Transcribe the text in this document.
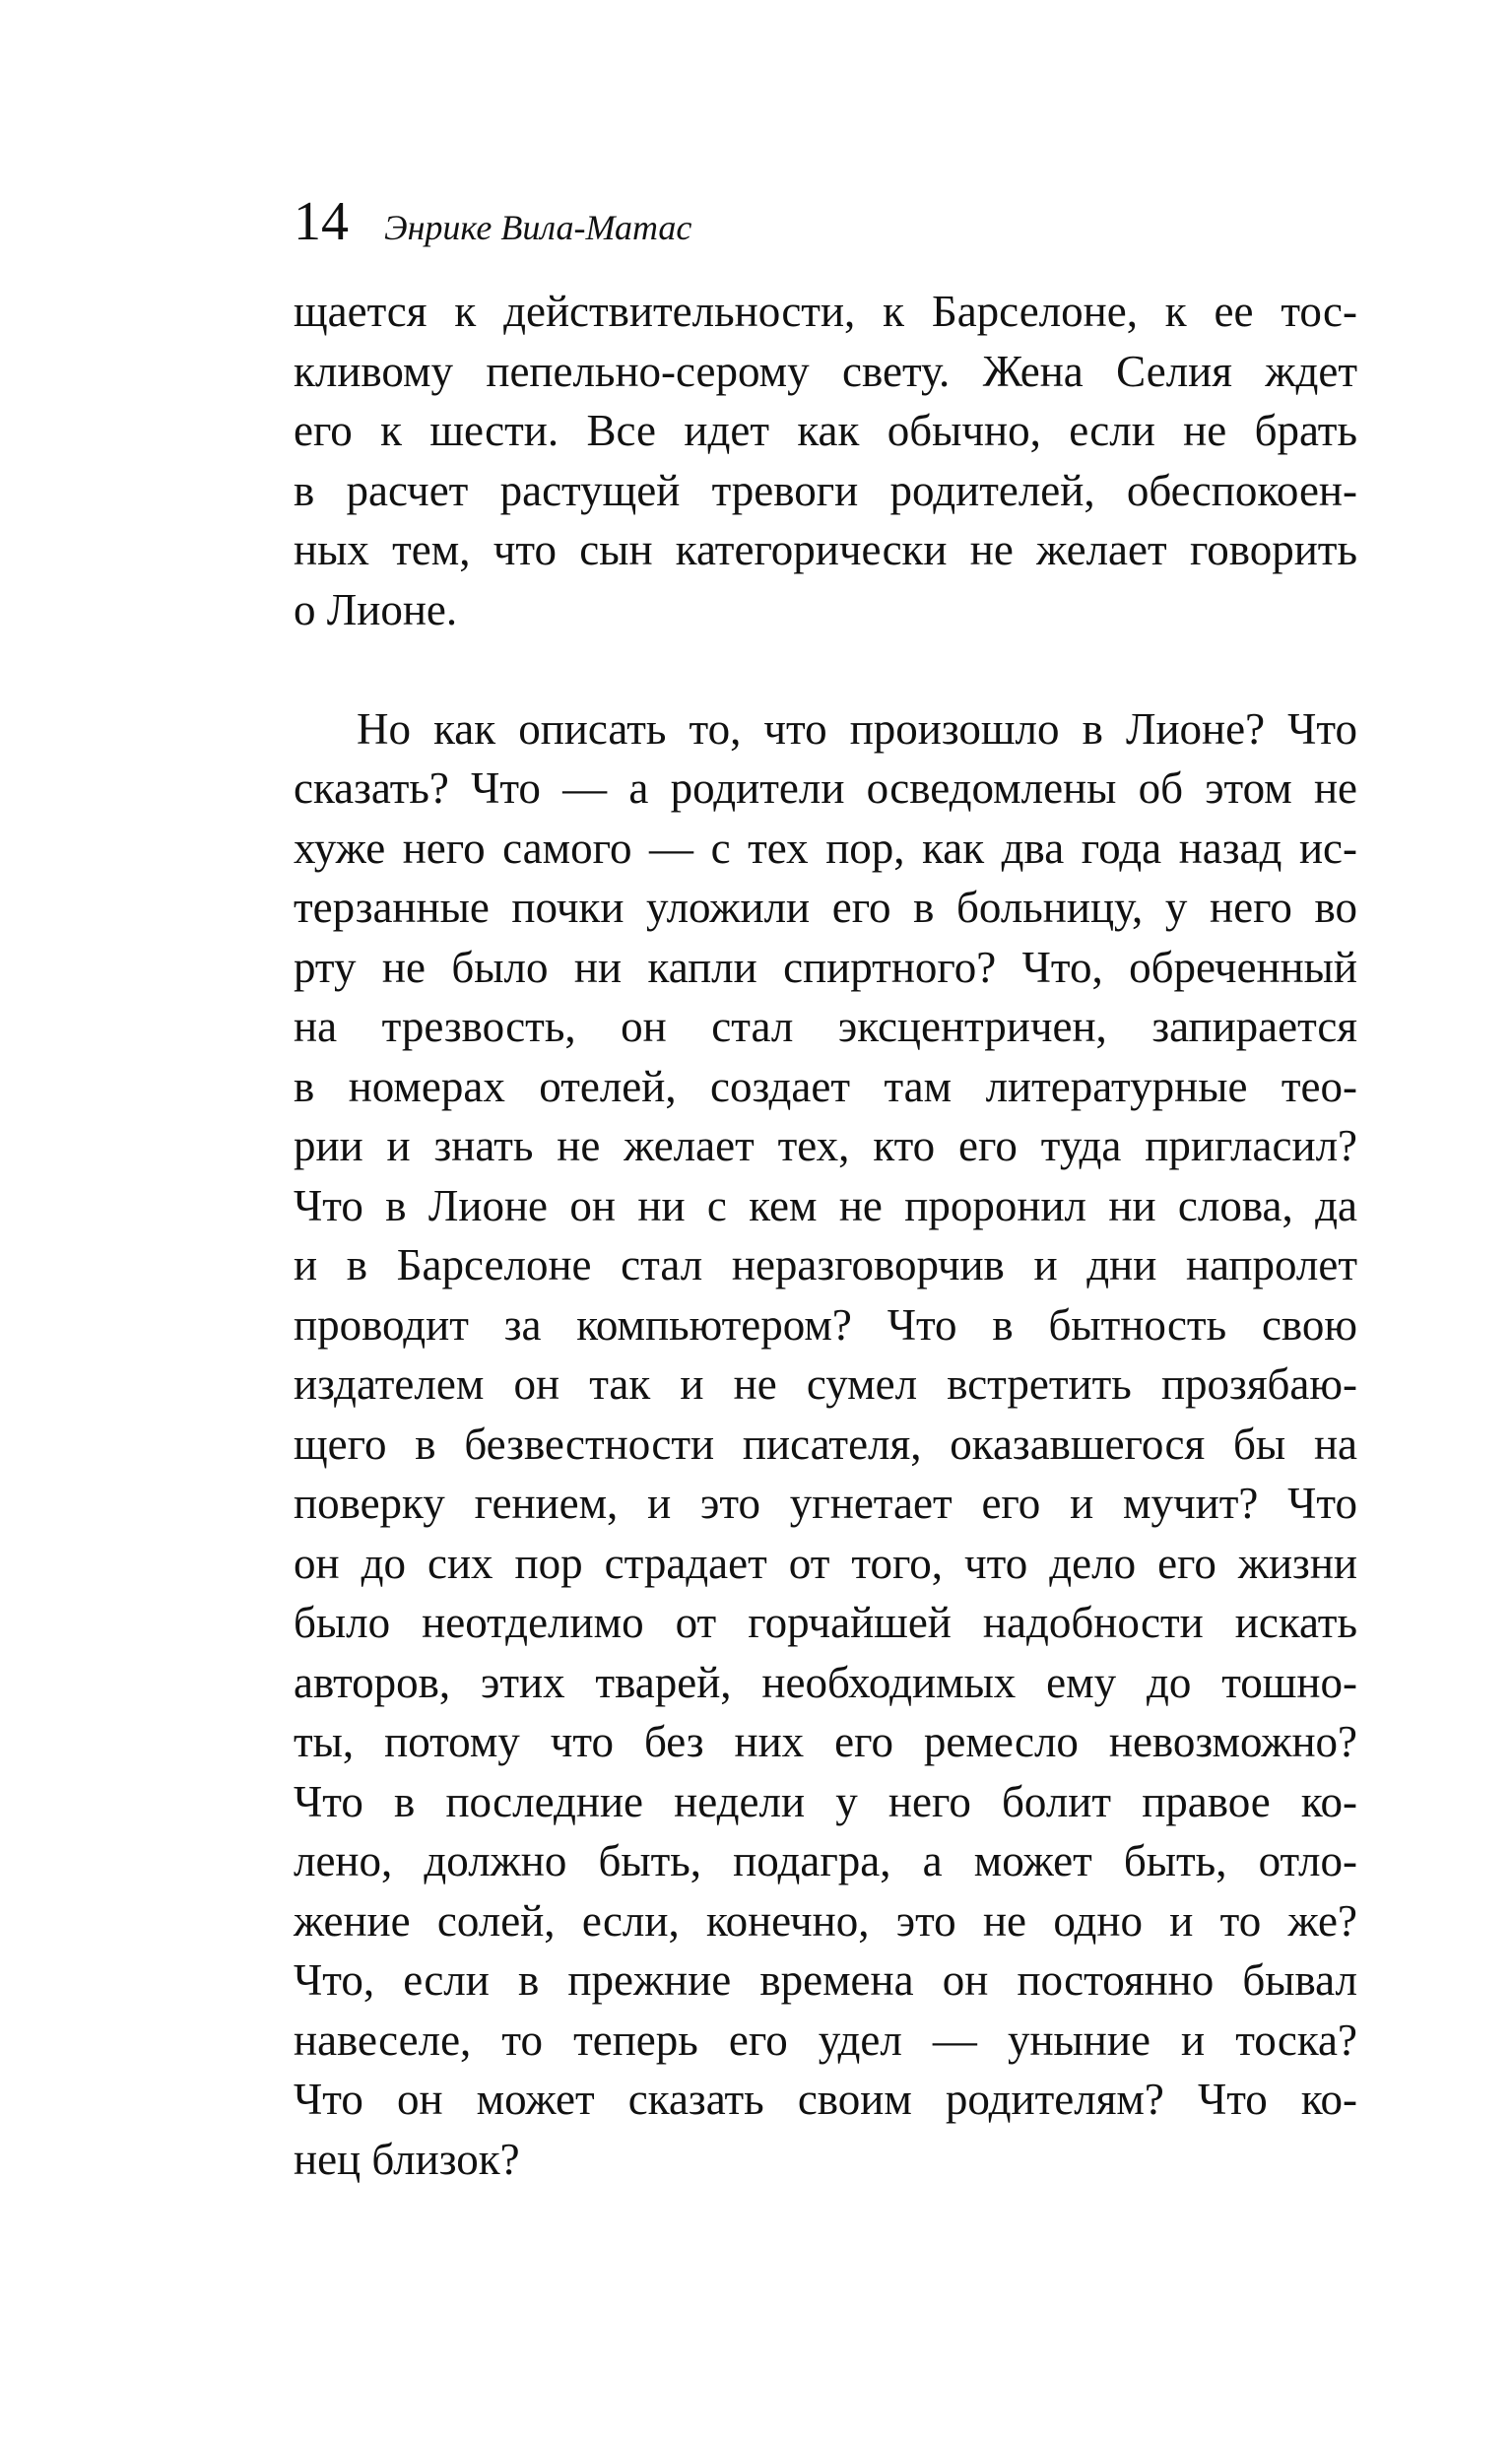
14 Энрике Вила-Матас
щается к действительности, к Барселоне, к ее тос-
кливому пепельно-серому свету. Жена Селия ждет
его к шести. Все идет как обычно, если не брать
в расчет растущей тревоги родителей, обеспокоен-
ных тем, что сын категорически не желает говорить
о Лионе.
Но как описать то, что произошло в Лионе? Что
сказать? Что — а родители осведомлены об этом не
хуже него самого — с тех пор, как два года назад ис-
терзанные почки уложили его в больницу, у него во
рту не было ни капли спиртного? Что, обреченный
на трезвость, он стал эксцентричен, запирается
в номерах отелей, создает там литературные тео-
рии и знать не желает тех, кто его туда пригласил?
Что в Лионе он ни с кем не проронил ни слова, да
и в Барселоне стал неразговорчив и дни напролет
проводит за компьютером? Что в бытность свою
издателем он так и не сумел встретить прозябаю-
щего в безвестности писателя, оказавшегося бы на
поверку гением, и это угнетает его и мучит? Что
он до сих пор страдает от того, что дело его жизни
было неотделимо от горчайшей надобности искать
авторов, этих тварей, необходимых ему до тошно-
ты, потому что без них его ремесло невозможно?
Что в последние недели у него болит правое ко-
лено, должно быть, подагра, а может быть, отло-
жение солей, если, конечно, это не одно и то же?
Что, если в прежние времена он постоянно бывал
навеселе, то теперь его удел — уныние и тоска?
Что он может сказать своим родителям? Что ко-
нец близок?
